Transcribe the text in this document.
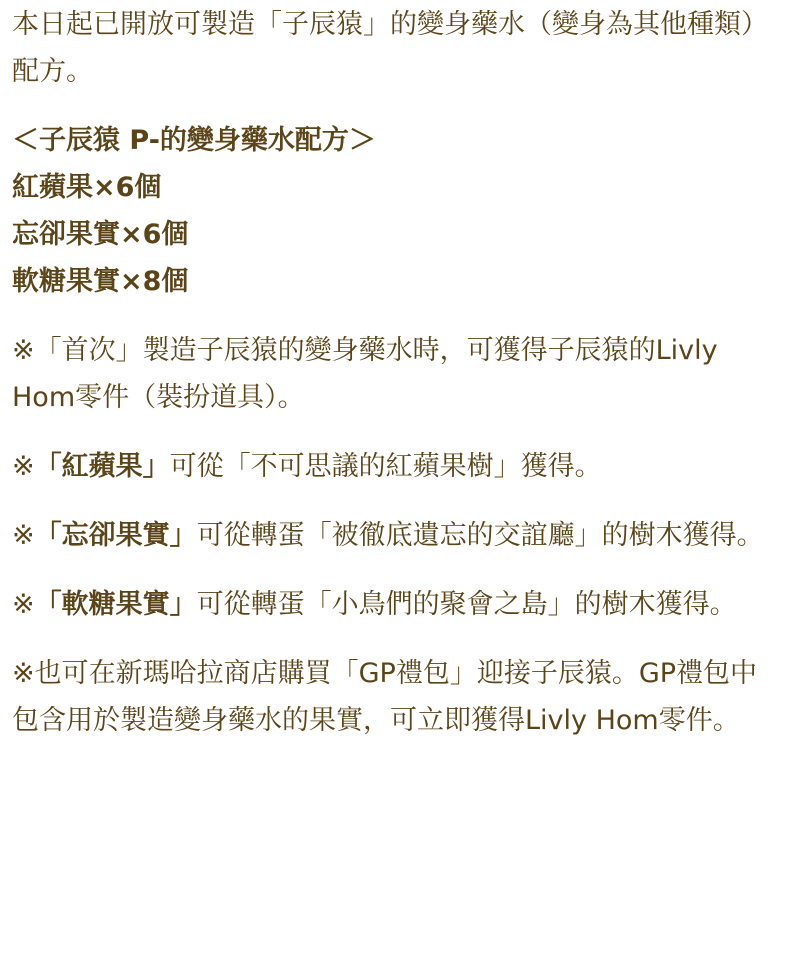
本日起已開放可製造「子辰猿」的變身藥水（變身為其他種類）配方。

＜子辰猿 P-的變身藥水配方＞
紅蘋果×6個
忘卻果實×6個
軟糖果實×8個

※「首次」製造子辰猿的變身藥水時，可獲得子辰猿的Livly Hom零件（裝扮道具）。

※「紅蘋果」可從「不可思議的紅蘋果樹」獲得。

※「忘卻果實」可從轉蛋「被徹底遺忘的交誼廳」的樹木獲得。

※「軟糖果實」可從轉蛋「小鳥們的聚會之島」的樹木獲得。

※也可在新瑪哈拉商店購買「GP禮包」迎接子辰猿。GP禮包中包含用於製造變身藥水的果實，可立即獲得Livly Hom零件。
